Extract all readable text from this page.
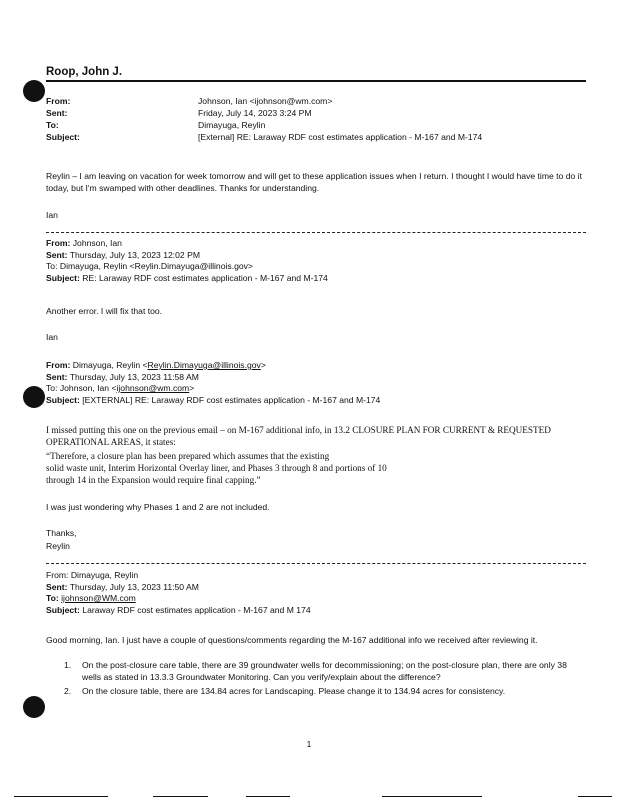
Roop, John J.
From:	Johnson, Ian <ijohnson@wm.com>
Sent:	Friday, July 14, 2023 3:24 PM
To:	Dimayuga, Reylin
Subject:	[External] RE: Laraway RDF cost estimates application - M-167 and M-174
Reylin – I am leaving on vacation for week tomorrow and will get to these application issues when I return. I thought I would have time to do it today, but I'm swamped with other deadlines. Thanks for understanding.
Ian
From: Johnson, Ian
Sent: Thursday, July 13, 2023 12:02 PM
To: Dimayuga, Reylin <Reylin.Dimayuga@illinois.gov>
Subject: RE: Laraway RDF cost estimates application - M-167 and M-174
Another error. I will fix that too.
Ian
From: Dimayuga, Reylin <Reylin.Dimayuga@illinois.gov>
Sent: Thursday, July 13, 2023 11:58 AM
To: Johnson, Ian <ijohnson@wm.com>
Subject: [EXTERNAL] RE: Laraway RDF cost estimates application - M-167 and M-174
I missed putting this one on the previous email – on M-167 additional info, in 13.2 CLOSURE PLAN FOR CURRENT & REQUESTED OPERATIONAL AREAS, it states:
“Therefore, a closure plan has been prepared which assumes that the existing
solid waste unit, Interim Horizontal Overlay liner, and Phases 3 through 8 and portions of 10
through 14 in the Expansion would require final capping.”
I was just wondering why Phases 1 and 2 are not included.
Thanks,
Reylin
From: Dimayuga, Reylin
Sent: Thursday, July 13, 2023 11:50 AM
To: ijohnson@WM.com
Subject: Laraway RDF cost estimates application - M-167 and M 174
Good morning, Ian. I just have a couple of questions/comments regarding the M-167 additional info we received after reviewing it.
1. On the post-closure care table, there are 39 groundwater wells for decommissioning; on the post-closure plan, there are only 38 wells as stated in 13.3.3 Groundwater Monitoring. Can you verify/explain about the difference?
2. On the closure table, there are 134.84 acres for Landscaping. Please change it to 134.94 acres for consistency.
1
